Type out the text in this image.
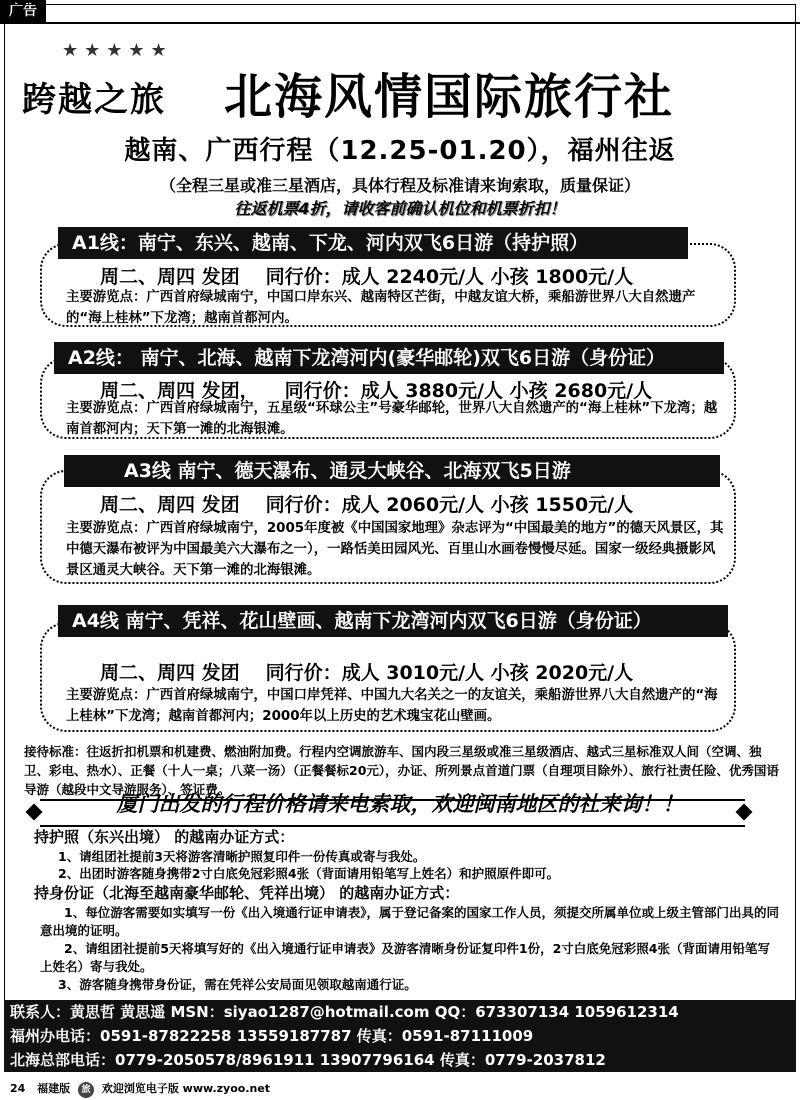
广告
★★★★★
跨越之旅 北海风情国际旅行社
越南、广西行程（12.25-01.20），福州往返
（全程三星或准三星酒店，具体行程及标准请来询索取，质量保证）
往返机票4折，请收客前确认机位和机票折扣！
A1线：南宁、东兴、越南、下龙、河内双飞6日游（持护照）
周二、周四 发团 同行价：成人 2240元/人 小孩 1800元/人
主要游览点：广西首府绿城南宁，中国口岸东兴、越南特区芒街，中越友谊大桥，乘船游世界八大自然遗产的“海上桂林”下龙湾；越南首都河内。
A2线： 南宁、北海、越南下龙湾河内(豪华邮轮)双飞6日游（身份证）
周二、周四 发团， 同行价：成人 3880元/人 小孩 2680元/人
主要游览点：广西首府绿城南宁，五星级“环球公主”号豪华邮轮，世界八大自然遗产的“海上桂林”下龙湾；越南首都河内；天下第一滩的北海银滩。
A3线 南宁、德天瀑布、通灵大峡谷、北海双飞5日游
周二、周四 发团 同行价：成人 2060元/人 小孩 1550元/人
主要游览点：广西首府绿城南宁，2005年度被《中国国家地理》杂志评为“中国最美的地方”的德天风景区，其中德天瀑布被评为中国最美六大瀑布之一），一路恬美田园风光、百里山水画卷慢慢尽延。国家一级经典摄影风景区通灵大峡谷。天下第一滩的北海银滩。
A4线 南宁、凭祥、花山壁画、越南下龙湾河内双飞6日游（身份证）
周二、周四 发团 同行价：成人 3010元/人 小孩 2020元/人
主要游览点：广西首府绿城南宁，中国口岸凭祥、中国九大名关之一的友谊关，乘船游世界八大自然遗产的“海上桂林”下龙湾；越南首都河内；2000年以上历史的艺术瑰宝花山壁画。
接待标准：往返折扣机票和机建费、燃油附加费。行程内空调旅游车、国内段三星级或准三星级酒店、越式三星标准双人间（空调、独卫、彩电、热水）、正餐（十人一桌；八菜一汤）（正餐餐标20元），办证、所列景点首道门票（自理项目除外）、旅行社责任险、优秀国语导游（越段中文导游服务）、签证费。
厦门出发的行程价格请来电索取，欢迎闽南地区的社来询！！
持护照（东兴出境） 的越南办证方式：
1、请组团社提前3天将游客清晰护照复印件一份传真或寄与我处。
2、出团时游客随身携带2寸白底免冠彩照4张（背面请用铅笔写上姓名）和护照原件即可。
持身份证（北海至越南豪华邮轮、凭祥出境） 的越南办证方式：
1、每位游客需要如实填写一份《出入境通行证申请表》，属于登记备案的国家工作人员，须提交所属单位或上级主管部门出具的同意出境的证明。
2、请组团社提前5天将填写好的《出入境通行证申请表》及游客清晰身份证复印件1份，2寸白底免冠彩照4张（背面请用铅笔写上姓名）寄与我处。
3、游客随身携带身份证，需在凭祥公安局面见领取越南通行证。
联系人：黄思哲 黄思遥 MSN：siyao1287@hotmail.com QQ：673307134 1059612314
福州办电话：0591-87822258 13559187787 传真：0591-87111009
北海总部电话：0779-2050578/8961911 13907796164 传真：0779-2037812
24 福建版 旅 欢迎浏览电子版 www.zyoo.net
